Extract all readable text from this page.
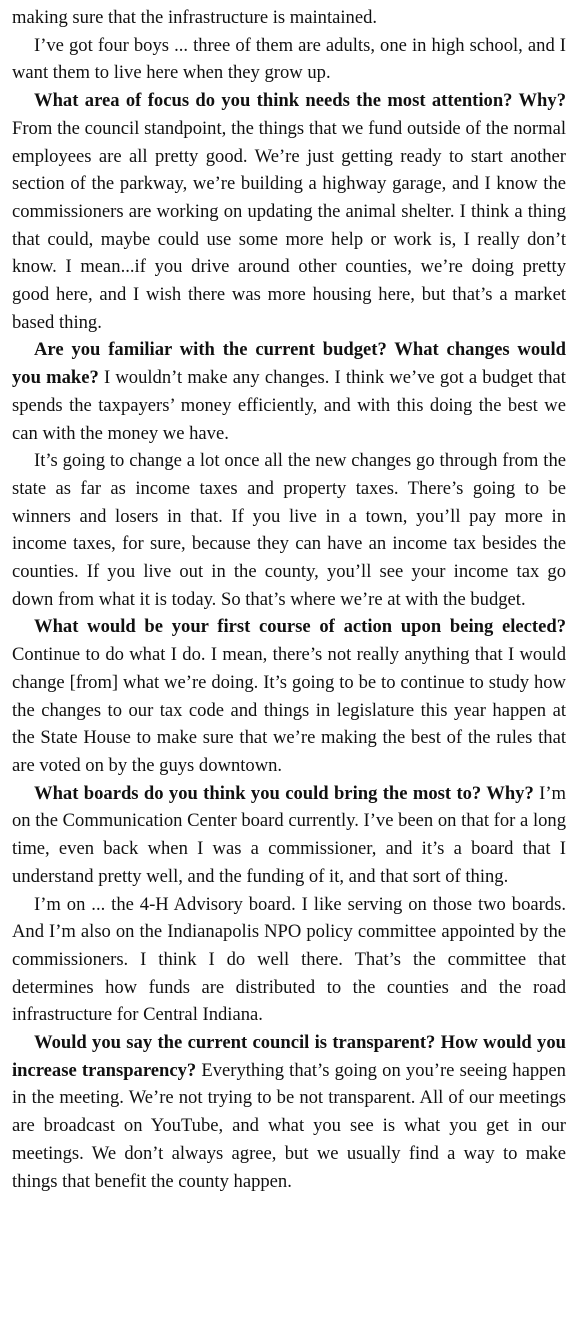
making sure that the infrastructure is maintained.

I’ve got four boys ... three of them are adults, one in high school, and I want them to live here when they grow up.

What area of focus do you think needs the most attention? Why? From the council standpoint, the things that we fund outside of the normal employees are all pretty good. We’re just getting ready to start another section of the parkway, we’re building a highway garage, and I know the commissioners are working on updating the animal shelter. I think a thing that could, maybe could use some more help or work is, I really don’t know. I mean...if you drive around other counties, we’re doing pretty good here, and I wish there was more housing here, but that’s a market based thing.

Are you familiar with the current budget? What changes would you make? I wouldn’t make any changes. I think we’ve got a budget that spends the taxpayers’ money efficiently, and with this doing the best we can with the money we have.

It’s going to change a lot once all the new changes go through from the state as far as income taxes and property taxes. There’s going to be winners and losers in that. If you live in a town, you’ll pay more in income taxes, for sure, because they can have an income tax besides the counties. If you live out in the county, you’ll see your income tax go down from what it is today. So that’s where we’re at with the budget.

What would be your first course of action upon being elected? Continue to do what I do. I mean, there’s not really anything that I would change [from] what we’re doing. It’s going to be to continue to study how the changes to our tax code and things in legislature this year happen at the State House to make sure that we’re making the best of the rules that are voted on by the guys downtown.

What boards do you think you could bring the most to? Why? I’m on the Communication Center board currently. I’ve been on that for a long time, even back when I was a commissioner, and it’s a board that I understand pretty well, and the funding of it, and that sort of thing.

I’m on ... the 4-H Advisory board. I like serving on those two boards. And I’m also on the Indianapolis NPO policy committee appointed by the commissioners. I think I do well there. That’s the committee that determines how funds are distributed to the counties and the road infrastructure for Central Indiana.

Would you say the current council is transparent? How would you increase transparency? Everything that’s going on you’re seeing happen in the meeting. We’re not trying to be not transparent. All of our meetings are broadcast on YouTube, and what you see is what you get in our meetings. We don’t always agree, but we usually find a way to make things that benefit the county happen.
